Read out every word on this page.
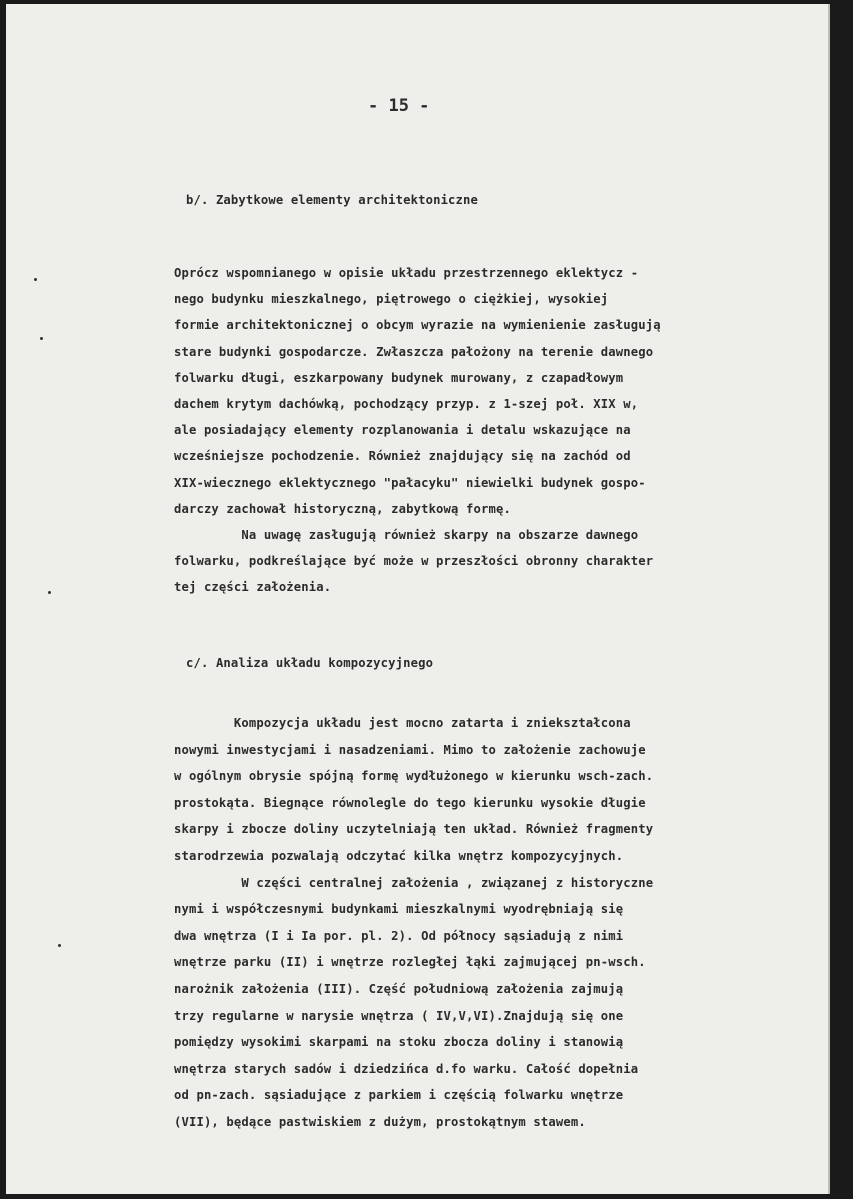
- 15 -
b/. Zabytkowe elementy architektoniczne
Oprócz wspomnianego w opisie układu przestrzennego eklektycz -
nego budynku mieszkalnego, piętrowego o ciężkiej, wysokiej
formie architektonicznej o obcym wyrazie na wymienienie zasługują
stare budynki gospodarcze. Zwłaszcza pałożony na terenie dawnego
folwarku długi, eszkarpowany budynek murowany, z czapadłowym
dachem krytym dachówką, pochodzący przyp. z 1-szej poł. XIX w,
ale posiadający elementy rozplanowania i detalu wskazujące na
wcześniejsze pochodzenie. Również znajdujący się na zachód od
XIX-wiecznego eklektycznego "pałacyku" niewielki budynek gospo-
darczy zachował historyczną, zabytkową formę.
Na uwagę zasługują również skarpy na obszarze dawnego
folwarku, podkreślające być może w przeszłości obronny charakter
tej części założenia.
c/. Analiza układu kompozycyjnego
Kompozycja układu jest mocno zatarta i zniekształcona
nowymi inwestycjami i nasadzeniami. Mimo to założenie zachowuje
w ogólnym obrysie spójną formę wydłużonego w kierunku wsch-zach.
prostokąta. Biegnące równolegle do tego kierunku wysokie długie
skarpy i zbocze doliny uczytelniają ten układ. Również fragmenty
starodrzewia pozwalają odczytać kilka wnętrz kompozycyjnych.
W części centralnej założenia , związanej z historyczne
nymi i współczesnymi budynkami mieszkalnymi wyodrębniają się
dwa wnętrza (I i Ia por. pl. 2). Od północy sąsiadują z nimi
wnętrze parku (II) i wnętrze rozległej łąki zajmującej pn-wsch.
narożnik założenia (III). Część południową założenia zajmują
trzy regularne w narysie wnętrza ( IV,V,VI).Znajdują się one
pomiędzy wysokimi skarpami na stoku zbocza doliny i stanowią
wnętrza starych sadów i dziedzińca d.fo warku. Całość dopełnia
od pn-zach. sąsiadujące z parkiem i częścią folwarku wnętrze
(VII), będące pastwiskiem z dużym, prostokątnym stawem.
